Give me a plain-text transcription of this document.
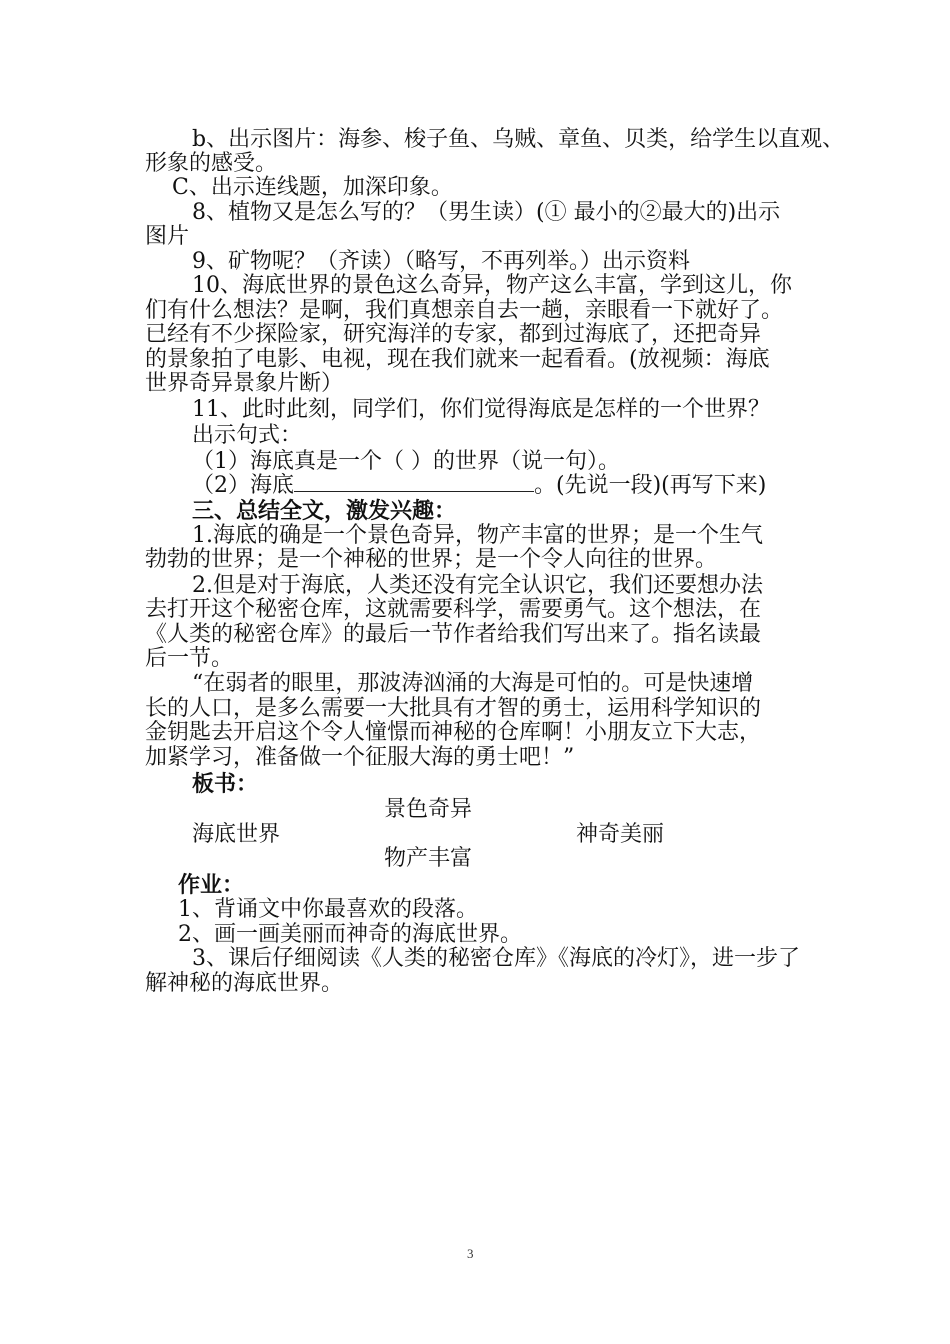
b、出示图片：海参、梭子鱼、乌贼、章鱼、贝类，给学生以直观、
形象的感受。
C、出示连线题，加深印象。
8、植物又是怎么写的？（男生读）(① 最小的②最大的)出示
图片
9、矿物呢？（齐读）（略写，不再列举。）出示资料
10、海底世界的景色这么奇异，物产这么丰富，学到这儿，你
们有什么想法？是啊，我们真想亲自去一趟，亲眼看一下就好了。
已经有不少探险家，研究海洋的专家，都到过海底了，还把奇异
的景象拍了电影、电视，现在我们就来一起看看。(放视频：海底
世界奇异景象片断）
11、此时此刻，同学们，你们觉得海底是怎样的一个世界？
出示句式：
（1）海底真是一个（ ）的世界（说一句）。
（2）海底	。(先说一段)(再写下来)
三、总结全文，激发兴趣：
1.海底的确是一个景色奇异，物产丰富的世界；是一个生气
勃勃的世界；是一个神秘的世界；是一个令人向往的世界。
2.但是对于海底，人类还没有完全认识它，我们还要想办法
去打开这个秘密仓库，这就需要科学，需要勇气。这个想法，在
《人类的秘密仓库》的最后一节作者给我们写出来了。指名读最
后一节。
“在弱者的眼里，那波涛汹涌的大海是可怕的。可是快速增
长的人口，是多么需要一大批具有才智的勇士，运用科学知识的
金钥匙去开启这个令人憧憬而神秘的仓库啊！小朋友立下大志，
加紧学习，准备做一个征服大海的勇士吧！”
板书：
景色奇异
海底世界	神奇美丽
物产丰富
作业：
1、背诵文中你最喜欢的段落。
2、画一画美丽而神奇的海底世界。
3、课后仔细阅读《人类的秘密仓库》《海底的冷灯》，进一步了
解神秘的海底世界。
3
